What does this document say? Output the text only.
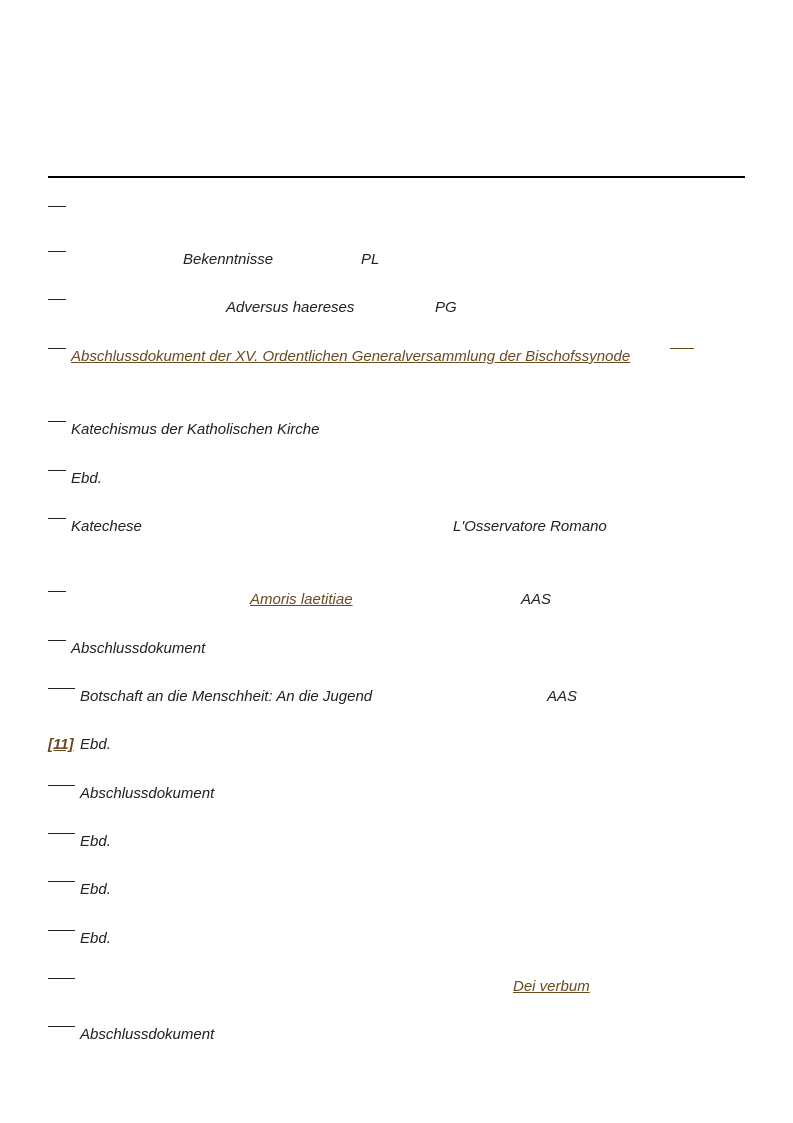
Bekenntnisse	PL
Adversus haereses	PG
Abschlussdokument der XV. Ordentlichen Generalversammlung der Bischofssynode
Katechismus der Katholischen Kirche
Ebd.
Katechese	L'Osservatore Romano
Amoris laetitiae	AAS
Abschlussdokument
Botschaft an die Menschheit: An die Jugend	AAS
[11] Ebd.
Abschlussdokument
Ebd.
Ebd.
Ebd.
Dei verbum
Abschlussdokument
